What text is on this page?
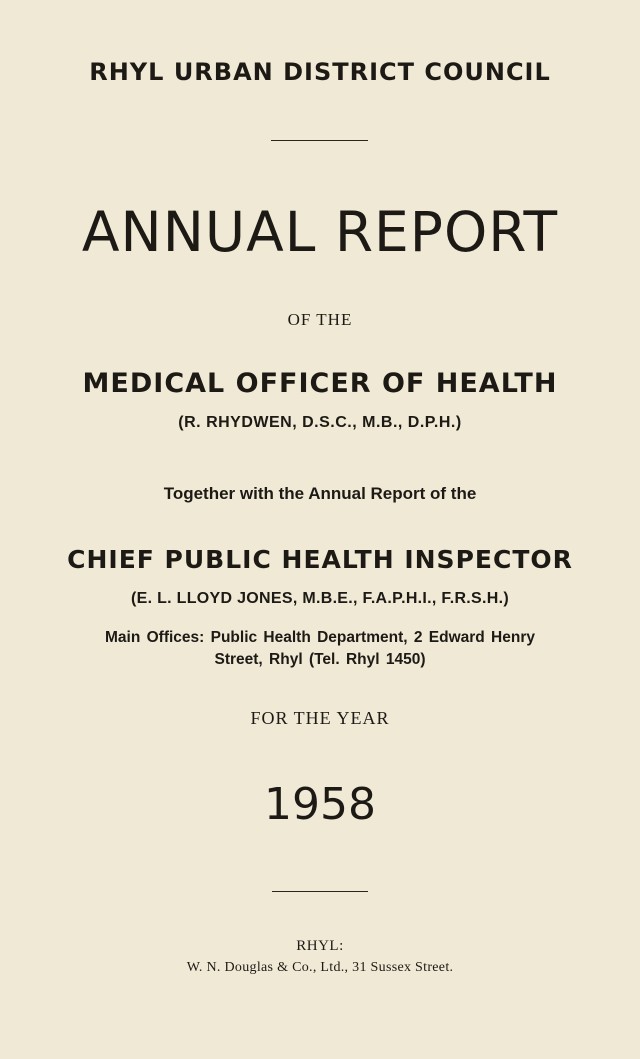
RHYL URBAN DISTRICT COUNCIL
ANNUAL REPORT
OF THE
MEDICAL OFFICER OF HEALTH
(R. RHYDWEN, D.S.C., M.B., D.P.H.)
Together with the Annual Report of the
CHIEF PUBLIC HEALTH INSPECTOR
(E. L. LLOYD JONES, M.B.E., F.A.P.H.I., F.R.S.H.)
Main Offices: Public Health Department, 2 Edward Henry
Street, Rhyl (Tel. Rhyl 1450)
FOR THE YEAR
1958
RHYL:
W. N. Douglas & Co., Ltd., 31 Sussex Street.
